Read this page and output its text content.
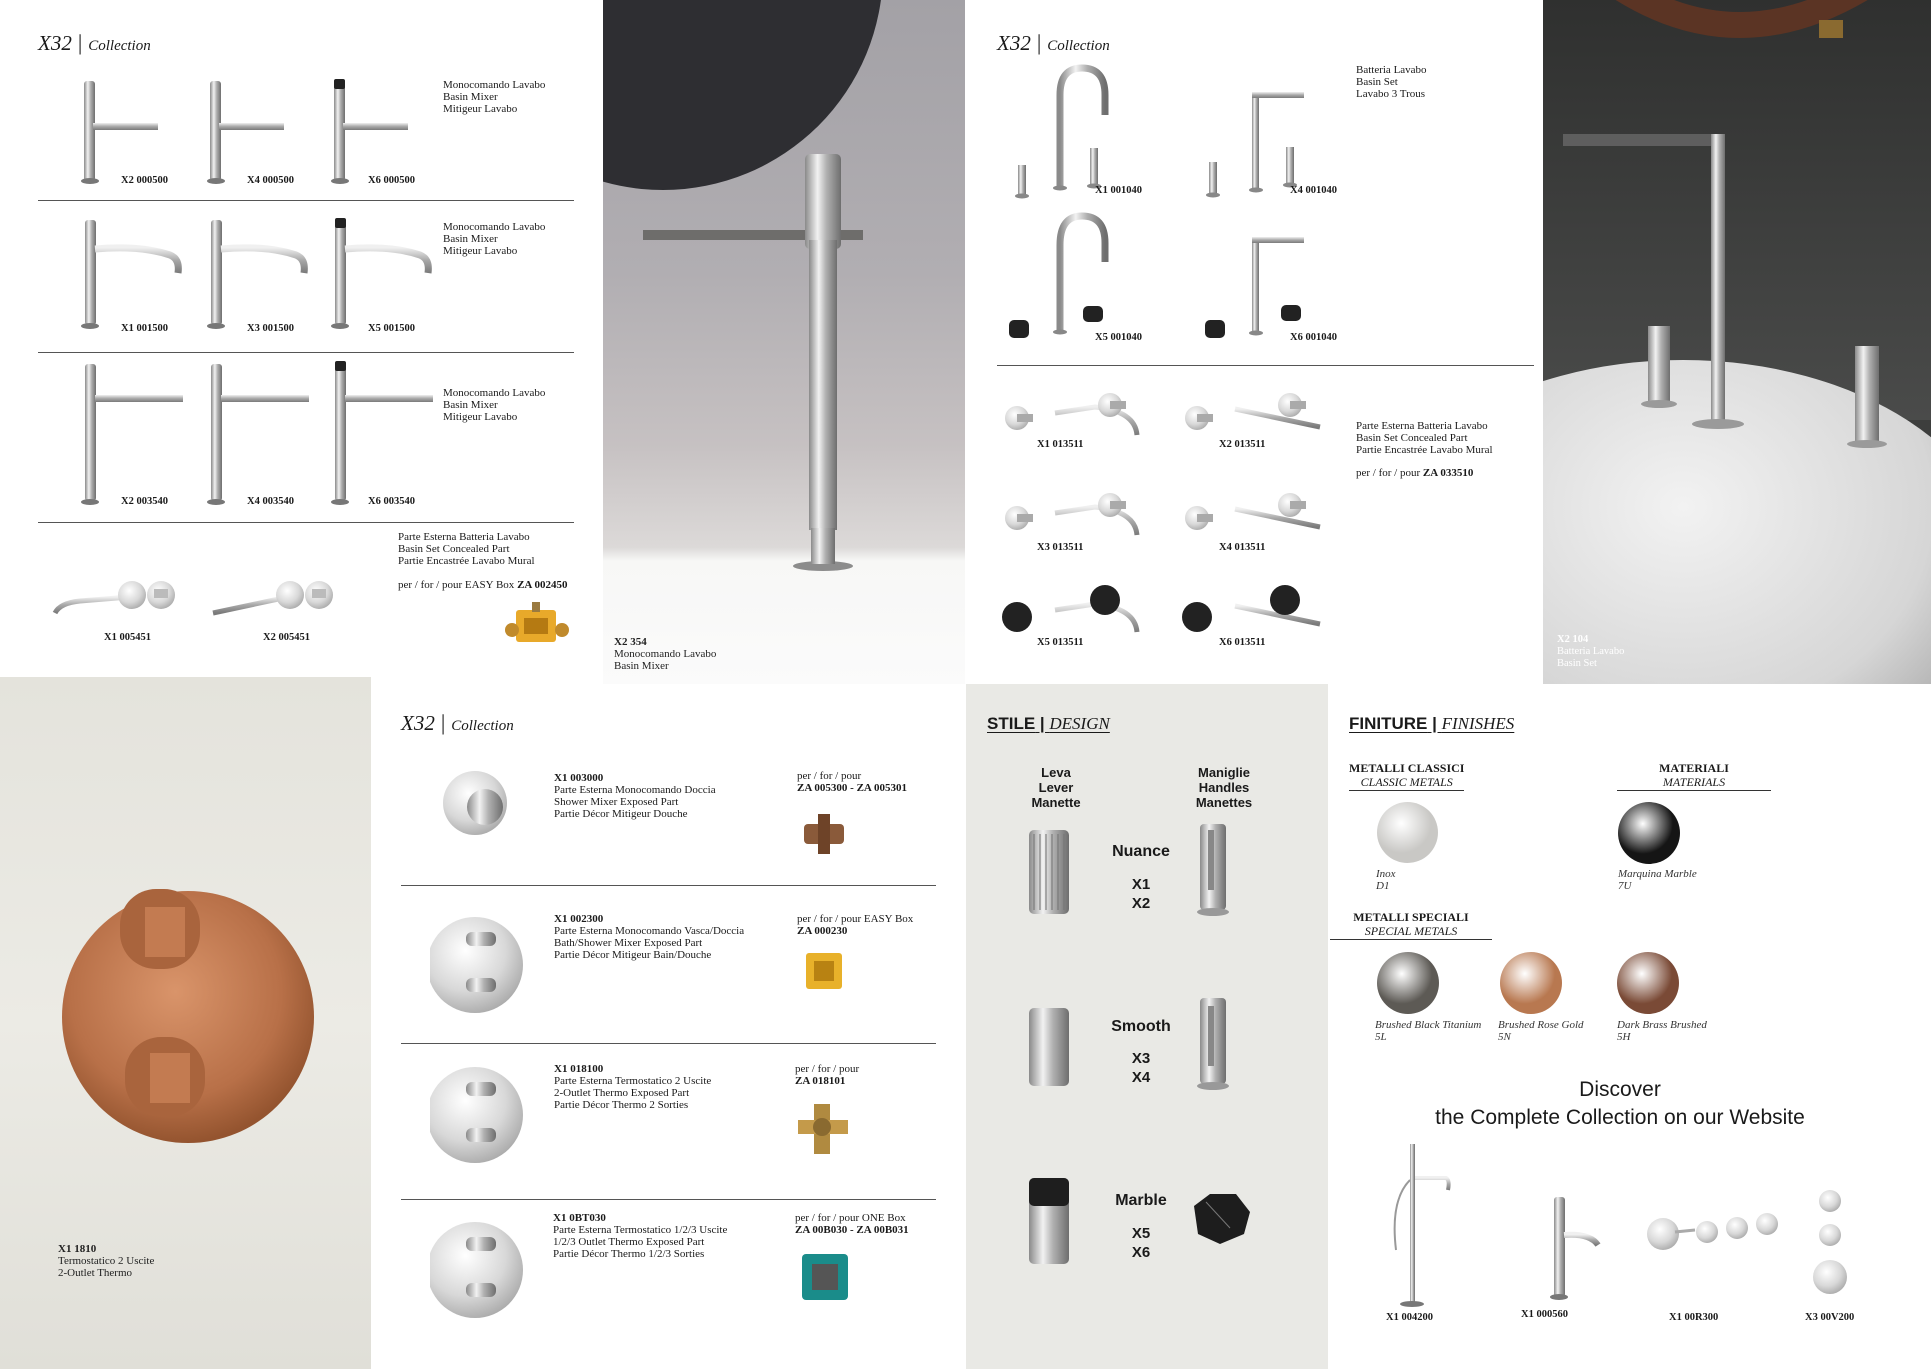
X32 | Collection
X2 000500	X4 000500	X6 000500
Monocomando Lavabo
Basin Mixer
Mitigeur Lavabo
X1 001500	X3 001500	X5 001500
Monocomando Lavabo
Basin Mixer
Mitigeur Lavabo
X2 003540	X4 003540	X6 003540
Monocomando Lavabo
Basin Mixer
Mitigeur Lavabo
X1 005451	X2 005451
Parte Esterna Batteria Lavabo
Basin Set Concealed Part
Partie Encastrée Lavabo Mural
per / for / pour EASY Box ZA 002450
X2 354
Monocomando Lavabo
Basin Mixer
X32 | Collection
Batteria Lavabo
Basin Set
Lavabo 3 Trous
X1 001040	X4 001040
X5 001040	X6 001040
X1 013511	X2 013511
X3 013511	X4 013511
X5 013511	X6 013511
Parte Esterna Batteria Lavabo
Basin Set Concealed Part
Partie Encastrée Lavabo Mural
per / for / pour ZA 033510
X2 104
Batteria Lavabo
Basin Set
X1 1810
Termostatico 2 Uscite
2-Outlet Thermo
X32 | Collection
X1 003000
Parte Esterna Monocomando Doccia
Shower Mixer Exposed Part
Partie Décor Mitigeur Douche
per / for / pour
ZA 005300 - ZA 005301
X1 002300
Parte Esterna Monocomando Vasca/Doccia
Bath/Shower Mixer Exposed Part
Partie Décor Mitigeur Bain/Douche
per / for / pour EASY Box
ZA 000230
X1 018100
Parte Esterna Termostatico 2 Uscite
2-Outlet Thermo Exposed Part
Partie Décor Thermo 2 Sorties
per / for / pour
ZA 018101
X1 0BT030
Parte Esterna Termostatico 1/2/3 Uscite
1/2/3 Outlet Thermo Exposed Part
Partie Décor Thermo 1/2/3 Sorties
per / for / pour ONE Box
ZA 00B030 - ZA 00B031
STILE | DESIGN
Leva
Lever
Manette
Maniglie
Handles
Manettes
Nuance
X1
X2
Smooth
X3
X4
Marble
X5
X6
FINITURE | FINISHES
METALLI CLASSICI
CLASSIC METALS
MATERIALI
MATERIALS
Inox
D1
Marquina Marble
7U
METALLI SPECIALI
SPECIAL METALS
Brushed Black Titanium
5L
Brushed Rose Gold
5N
Dark Brass Brushed
5H
Discover
the Complete Collection on our Website
X1 004200	X1 000560	X1 00R300	X3 00V200
